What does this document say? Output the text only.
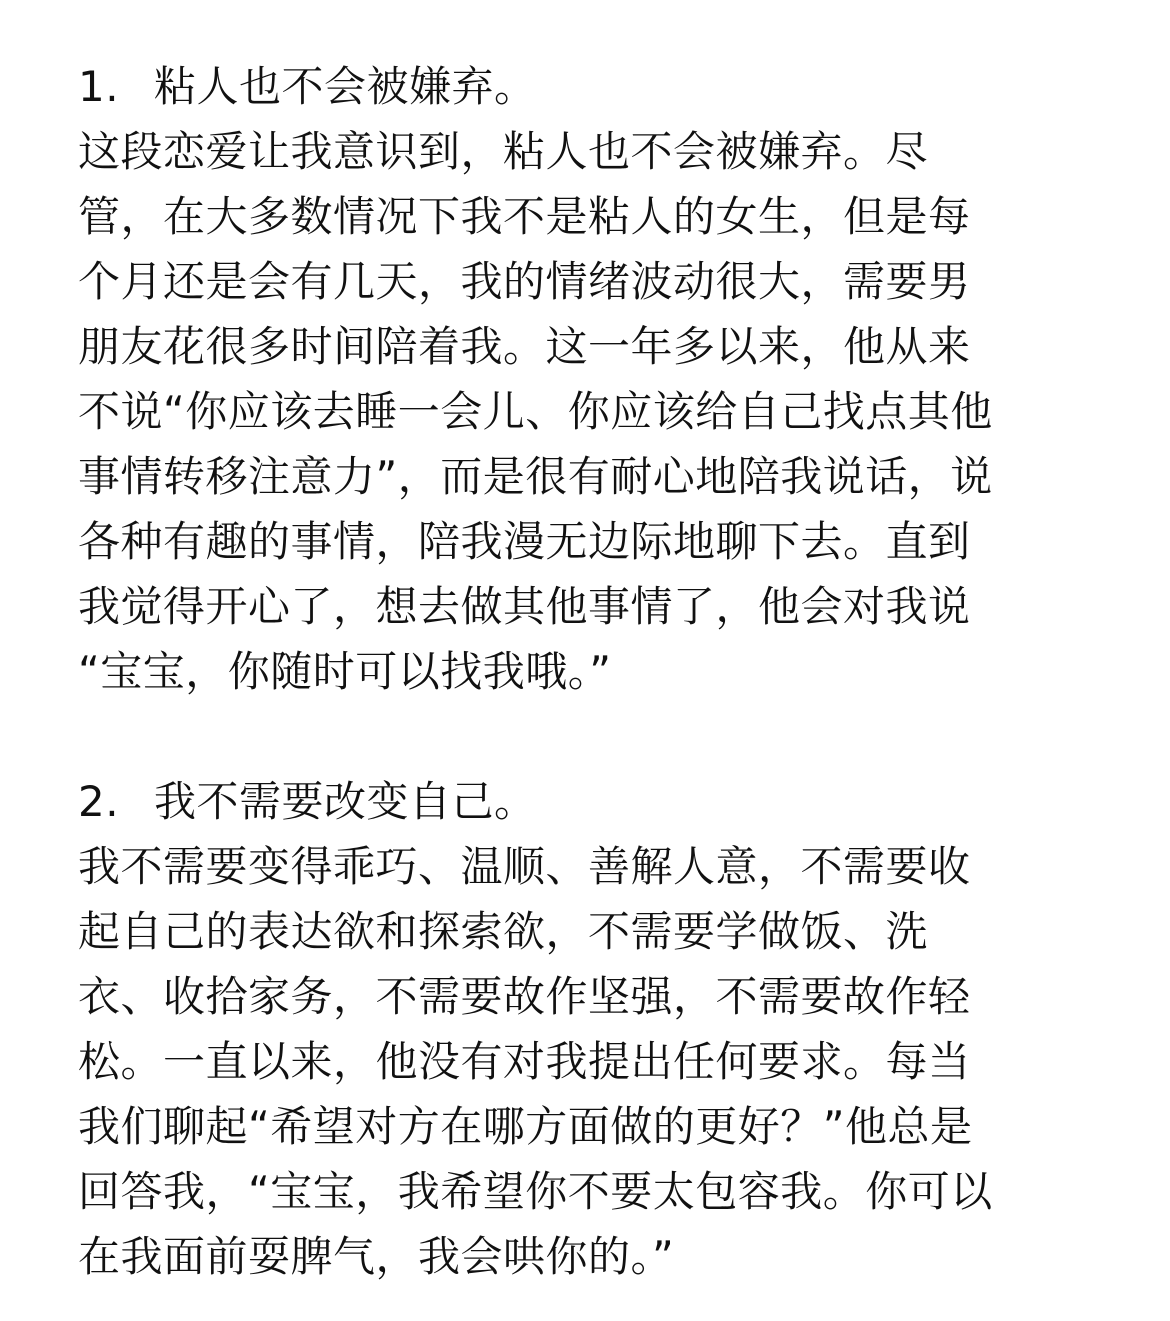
1. 粘人也不会被嫌弃。
这段恋爱让我意识到，粘人也不会被嫌弃。尽
管，在大多数情况下我不是粘人的女生，但是每
个月还是会有几天，我的情绪波动很大，需要男
朋友花很多时间陪着我。这一年多以来，他从来
不说“你应该去睡一会儿、你应该给自己找点其他
事情转移注意力”，而是很有耐心地陪我说话，说
各种有趣的事情，陪我漫无边际地聊下去。直到
我觉得开心了，想去做其他事情了，他会对我说
“宝宝，你随时可以找我哦。”
2. 我不需要改变自己。
我不需要变得乖巧、温顺、善解人意，不需要收
起自己的表达欲和探索欲，不需要学做饭、洗
衣、收拾家务，不需要故作坚强，不需要故作轻
松。一直以来，他没有对我提出任何要求。每当
我们聊起“希望对方在哪方面做的更好？”他总是
回答我，“宝宝，我希望你不要太包容我。你可以
在我面前耍脾气，我会哄你的。”
